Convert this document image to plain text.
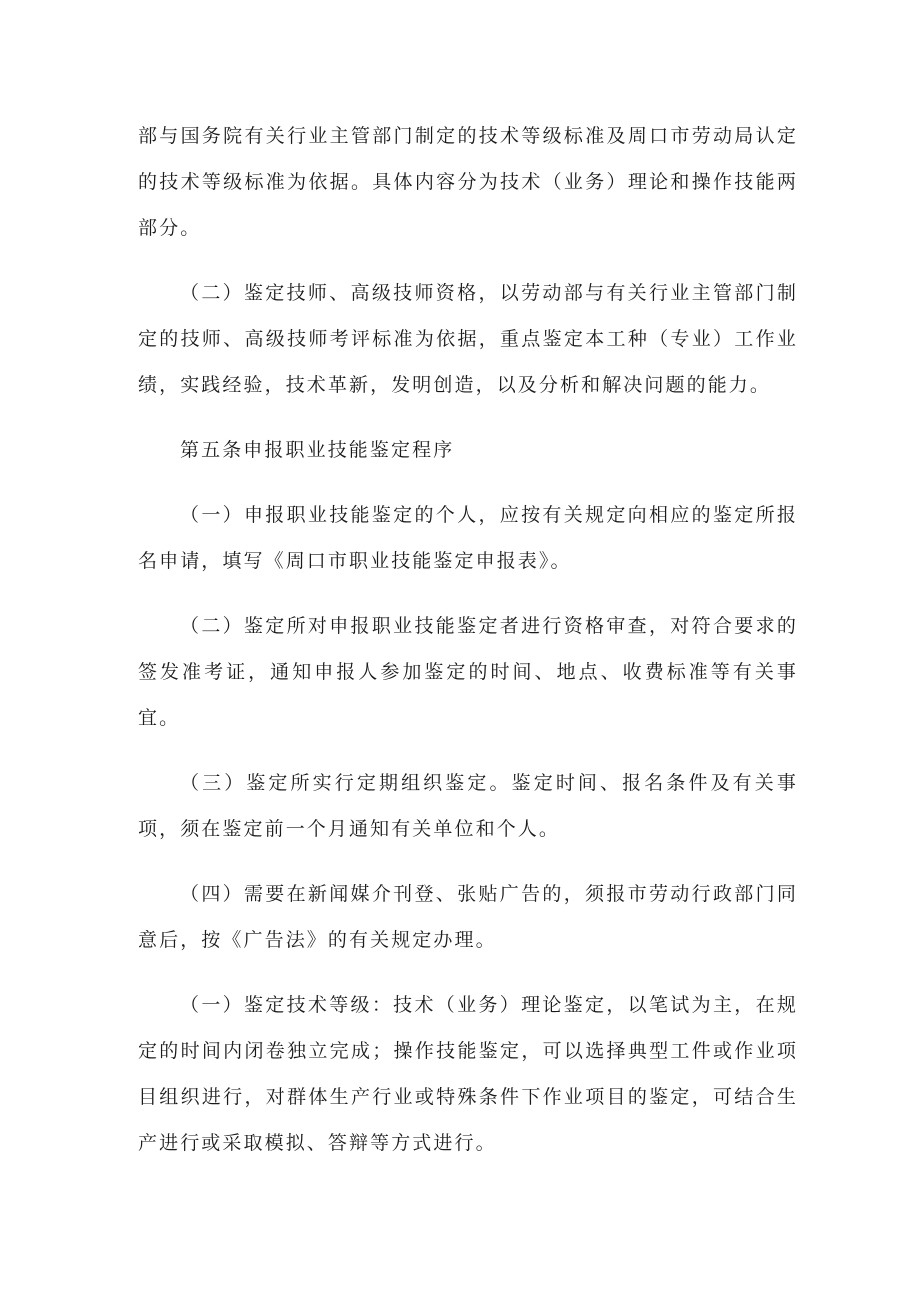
部与国务院有关行业主管部门制定的技术等级标准及周口市劳动局认定的技术等级标准为依据。具体内容分为技术（业务）理论和操作技能两部分。

（二）鉴定技师、高级技师资格，以劳动部与有关行业主管部门制定的技师、高级技师考评标准为依据，重点鉴定本工种（专业）工作业绩，实践经验，技术革新，发明创造，以及分析和解决问题的能力。

第五条申报职业技能鉴定程序

（一）申报职业技能鉴定的个人，应按有关规定向相应的鉴定所报名申请，填写《周口市职业技能鉴定申报表》。

（二）鉴定所对申报职业技能鉴定者进行资格审查，对符合要求的签发准考证，通知申报人参加鉴定的时间、地点、收费标准等有关事宜。

（三）鉴定所实行定期组织鉴定。鉴定时间、报名条件及有关事项，须在鉴定前一个月通知有关单位和个人。

（四）需要在新闻媒介刊登、张贴广告的，须报市劳动行政部门同意后，按《广告法》的有关规定办理。

（一）鉴定技术等级：技术（业务）理论鉴定，以笔试为主，在规定的时间内闭卷独立完成；操作技能鉴定，可以选择典型工件或作业项目组织进行，对群体生产行业或特殊条件下作业项目的鉴定，可结合生产进行或采取模拟、答辩等方式进行。
